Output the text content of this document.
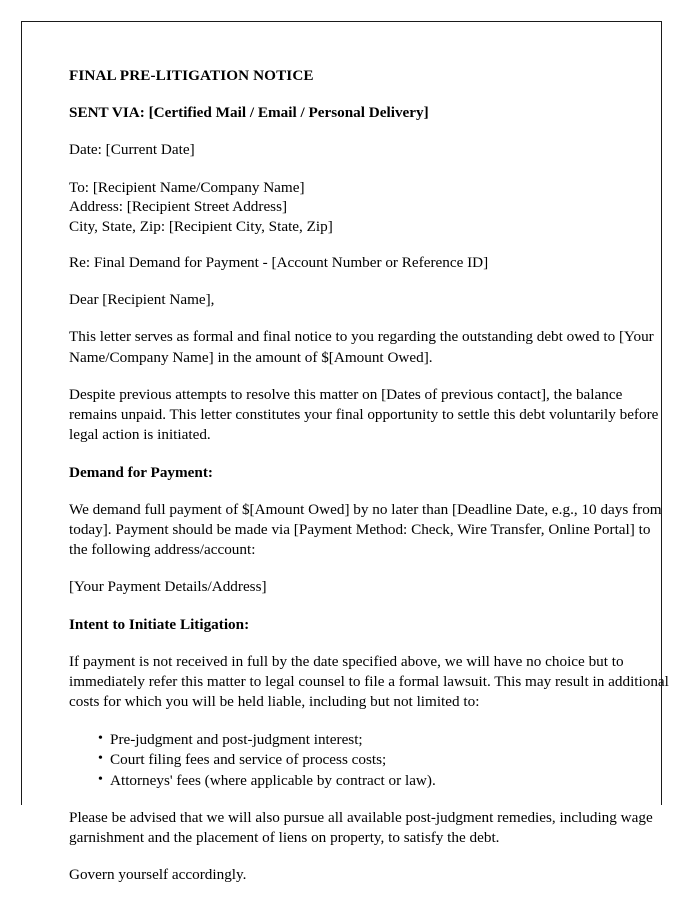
FINAL PRE-LITIGATION NOTICE
SENT VIA: [Certified Mail / Email / Personal Delivery]
Date: [Current Date]
To: [Recipient Name/Company Name]
Address: [Recipient Street Address]
City, State, Zip: [Recipient City, State, Zip]
Re: Final Demand for Payment - [Account Number or Reference ID]
Dear [Recipient Name],
This letter serves as formal and final notice to you regarding the outstanding debt owed to [Your Name/Company Name] in the amount of $[Amount Owed].
Despite previous attempts to resolve this matter on [Dates of previous contact], the balance remains unpaid. This letter constitutes your final opportunity to settle this debt voluntarily before legal action is initiated.
Demand for Payment:
We demand full payment of $[Amount Owed] by no later than [Deadline Date, e.g., 10 days from today]. Payment should be made via [Payment Method: Check, Wire Transfer, Online Portal] to the following address/account:
[Your Payment Details/Address]
Intent to Initiate Litigation:
If payment is not received in full by the date specified above, we will have no choice but to immediately refer this matter to legal counsel to file a formal lawsuit. This may result in additional costs for which you will be held liable, including but not limited to:
• Pre-judgment and post-judgment interest;
• Court filing fees and service of process costs;
• Attorneys' fees (where applicable by contract or law).
Please be advised that we will also pursue all available post-judgment remedies, including wage garnishment and the placement of liens on property, to satisfy the debt.
Govern yourself accordingly.
